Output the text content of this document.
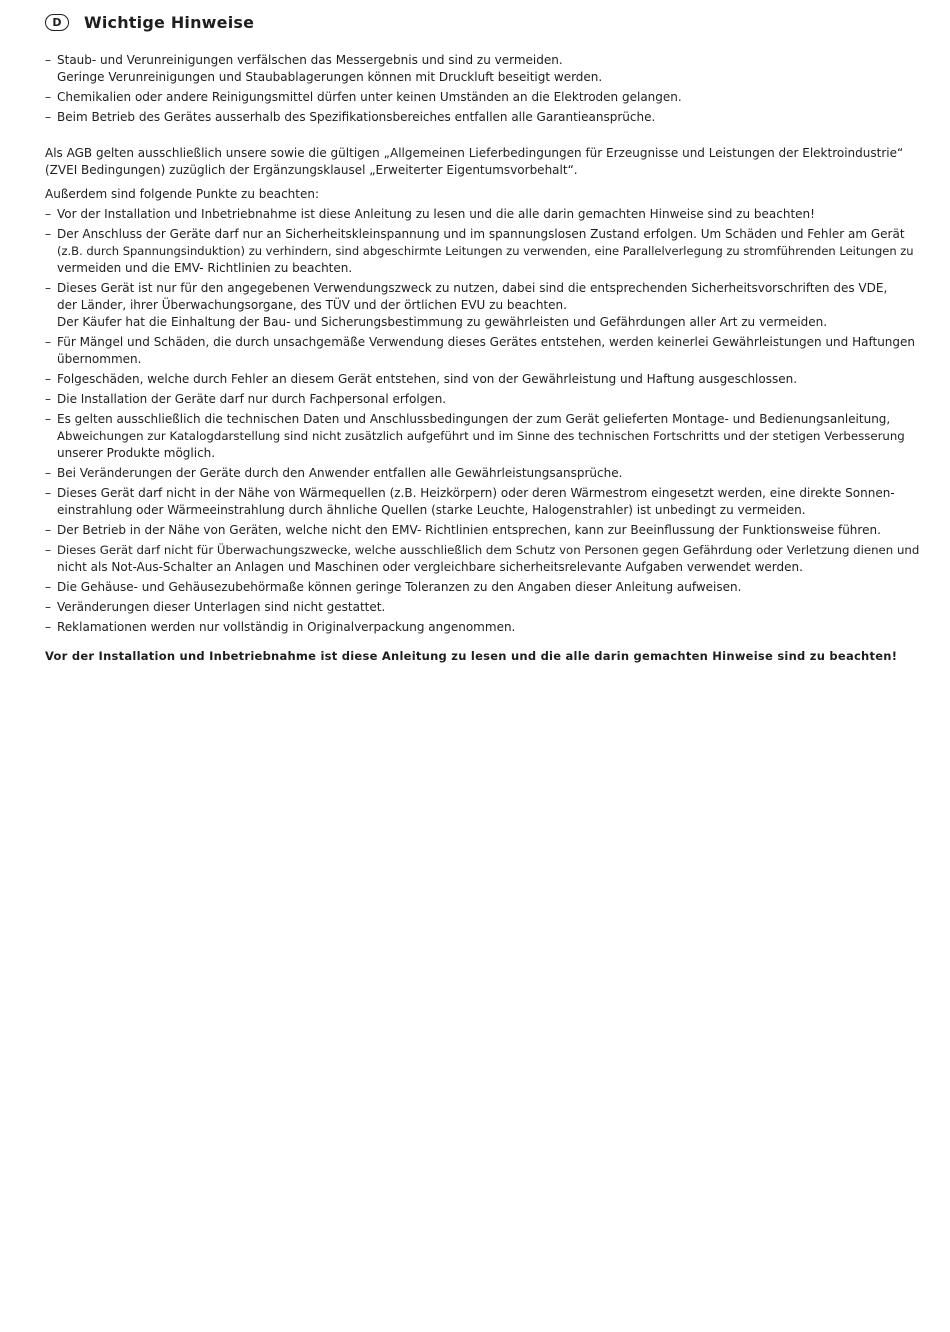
D	Wichtige Hinweise
– Staub- und Verunreinigungen verfälschen das Messergebnis und sind zu vermeiden.
Geringe Verunreinigungen und Staubablagerungen können mit Druckluft beseitigt werden.
– Chemikalien oder andere Reinigungsmittel dürfen unter keinen Umständen an die Elektroden gelangen.
– Beim Betrieb des Gerätes ausserhalb des Spezifikationsbereiches entfallen alle Garantieansprüche.
Als AGB gelten ausschließlich unsere sowie die gültigen „Allgemeinen Lieferbedingungen für Erzeugnisse und Leistungen der Elektroindustrie“
(ZVEI Bedingungen) zuzüglich der Ergänzungsklausel „Erweiterter Eigentumsvorbehalt“.

Außerdem sind folgende Punkte zu beachten:

– Vor der Installation und Inbetriebnahme ist diese Anleitung zu lesen und die alle darin gemachten Hinweise sind zu beachten!
– Der Anschluss der Geräte darf nur an Sicherheitskleinspannung und im spannungslosen Zustand erfolgen. Um Schäden und Fehler am Gerät
(z.B. durch Spannungsinduktion) zu verhindern, sind abgeschirmte Leitungen zu verwenden, eine Parallelverlegung zu stromführenden Leitungen zu
vermeiden und die EMV- Richtlinien zu beachten.
– Dieses Gerät ist nur für den angegebenen Verwendungszweck zu nutzen, dabei sind die entsprechenden Sicherheitsvorschriften des VDE,
der Länder, ihrer Überwachungsorgane, des TÜV und der örtlichen EVU zu beachten.
Der Käufer hat die Einhaltung der Bau- und Sicherungsbestimmung zu gewährleisten und Gefährdungen aller Art zu vermeiden.
– Für Mängel und Schäden, die durch unsachgemäße Verwendung dieses Gerätes entstehen, werden keinerlei Gewährleistungen und Haftungen
übernommen.
– Folgeschäden, welche durch Fehler an diesem Gerät entstehen, sind von der Gewährleistung und Haftung ausgeschlossen.
– Die Installation der Geräte darf nur durch Fachpersonal erfolgen.
– Es gelten ausschließlich die technischen Daten und Anschlussbedingungen der zum Gerät gelieferten Montage- und Bedienungsanleitung,
Abweichungen zur Katalogdarstellung sind nicht zusätzlich aufgeführt und im Sinne des technischen Fortschritts und der stetigen Verbesserung
unserer Produkte möglich.
– Bei Veränderungen der Geräte durch den Anwender entfallen alle Gewährleistungsansprüche.
– Dieses Gerät darf nicht in der Nähe von Wärmequellen (z.B. Heizkörpern) oder deren Wärmestrom eingesetzt werden, eine direkte Sonnen-
einstrahlung oder Wärmeeinstrahlung durch ähnliche Quellen (starke Leuchte, Halogenstrahler) ist unbedingt zu vermeiden.
– Der Betrieb in der Nähe von Geräten, welche nicht den EMV- Richtlinien entsprechen, kann zur Beeinflussung der Funktionsweise führen.
– Dieses Gerät darf nicht für Überwachungszwecke, welche ausschließlich dem Schutz von Personen gegen Gefährdung oder Verletzung dienen und
nicht als Not-Aus-Schalter an Anlagen und Maschinen oder vergleichbare sicherheitsrelevante Aufgaben verwendet werden.
– Die Gehäuse- und Gehäusezubehörmaße können geringe Toleranzen zu den Angaben dieser Anleitung aufweisen.
– Veränderungen dieser Unterlagen sind nicht gestattet.
– Reklamationen werden nur vollständig in Originalverpackung angenommen.
Vor der Installation und Inbetriebnahme ist diese Anleitung zu lesen und die alle darin gemachten Hinweise sind zu beachten!
